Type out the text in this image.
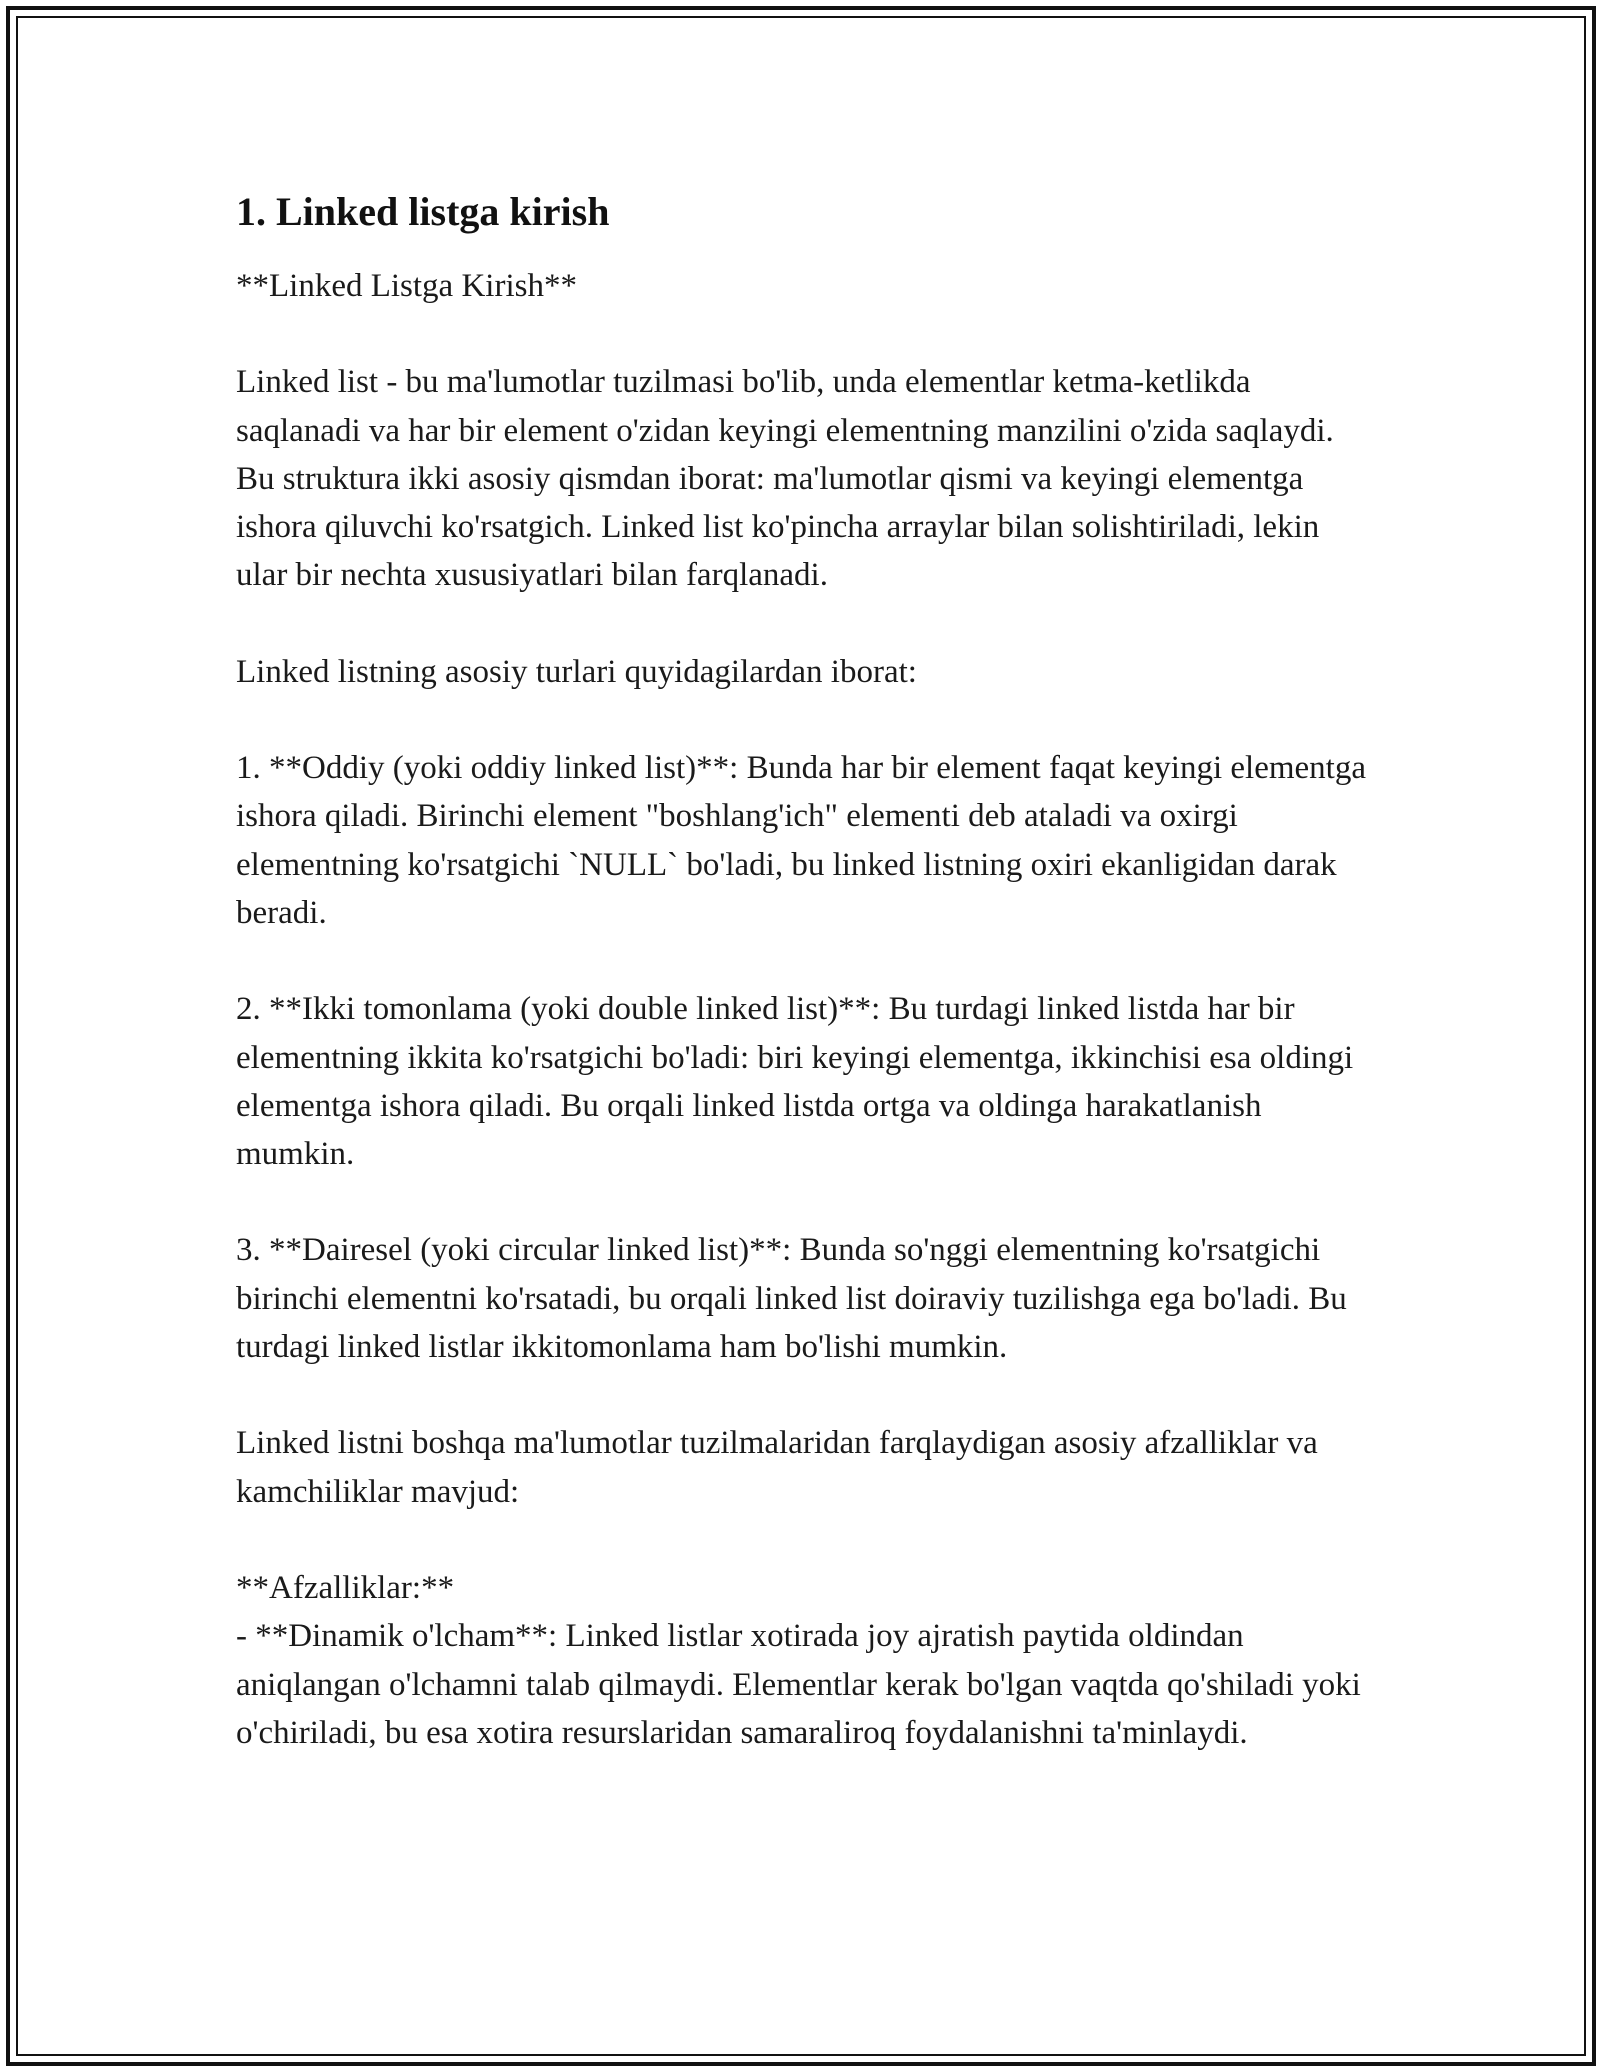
1. Linked listga kirish

**Linked Listga Kirish**

Linked list - bu ma'lumotlar tuzilmasi bo'lib, unda elementlar ketma-ketlikda saqlanadi va har bir element o'zidan keyingi elementning manzilini o'zida saqlaydi. Bu struktura ikki asosiy qismdan iborat: ma'lumotlar qismi va keyingi elementga ishora qiluvchi ko'rsatgich. Linked list ko'pincha arraylar bilan solishtiriladi, lekin ular bir nechta xususiyatlari bilan farqlanadi.

Linked listning asosiy turlari quyidagilardan iborat:

1. **Oddiy (yoki oddiy linked list)**: Bunda har bir element faqat keyingi elementga ishora qiladi. Birinchi element "boshlang'ich" elementi deb ataladi va oxirgi elementning ko'rsatgichi `NULL` bo'ladi, bu linked listning oxiri ekanligidan darak beradi.

2. **Ikki tomonlama (yoki double linked list)**: Bu turdagi linked listda har bir elementning ikkita ko'rsatgichi bo'ladi: biri keyingi elementga, ikkinchisi esa oldingi elementga ishora qiladi. Bu orqali linked listda ortga va oldinga harakatlanish mumkin.

3. **Dairesel (yoki circular linked list)**: Bunda so'nggi elementning ko'rsatgichi birinchi elementni ko'rsatadi, bu orqali linked list doiraviy tuzilishga ega bo'ladi. Bu turdagi linked listlar ikkitomonlama ham bo'lishi mumkin.

Linked listni boshqa ma'lumotlar tuzilmalaridan farqlaydigan asosiy afzalliklar va kamchiliklar mavjud:

**Afzalliklar:**

- **Dinamik o'lcham**: Linked listlar xotirada joy ajratish paytida oldindan aniqlangan o'lchamni talab qilmaydi. Elementlar kerak bo'lgan vaqtda qo'shiladi yoki o'chiriladi, bu esa xotira resurslaridan samaraliroq foydalanishni ta'minlaydi.
